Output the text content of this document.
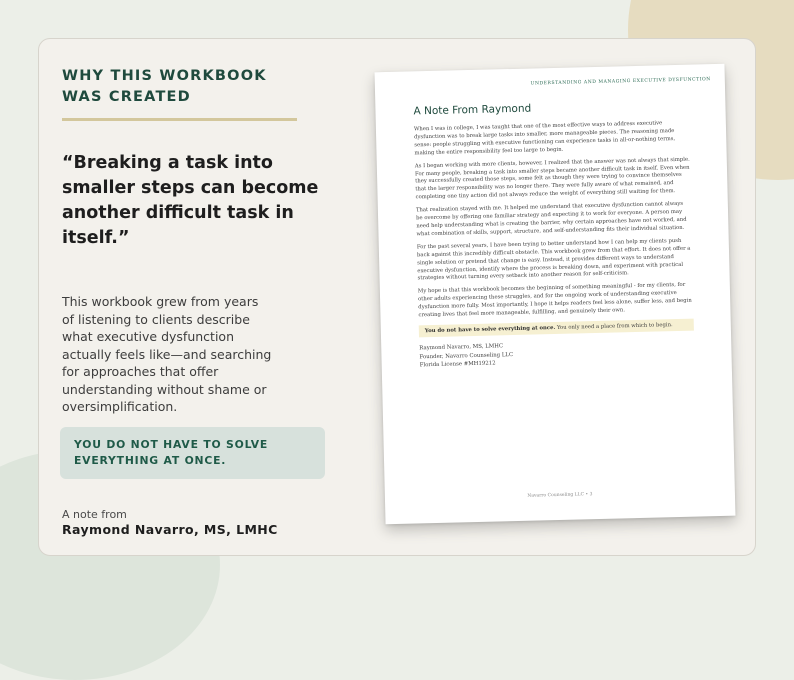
WHY THIS WORKBOOK
WAS CREATED

“Breaking a task into smaller steps can become another difficult task in itself.”

This workbook grew from years of listening to clients describe what executive dysfunction actually feels like—and searching for approaches that offer understanding without shame or oversimplification.

YOU DO NOT HAVE TO SOLVE EVERYTHING AT ONCE.
A note from
Raymond Navarro, MS, LMHC
UNDERSTANDING AND MANAGING EXECUTIVE DYSFUNCTION
A Note From Raymond

When I was in college, I was taught that one of the most effective ways to address executive dysfunction was to break large tasks into smaller, more manageable pieces. The reasoning made sense: people struggling with executive functioning can experience tasks in all-or-nothing terms, making the entire responsibility feel too large to begin.

As I began working with more clients, however, I realized that the answer was not always that simple. For many people, breaking a task into smaller steps became another difficult task in itself. Even when they successfully created those steps, some felt as though they were trying to convince themselves that the larger responsibility was no longer there. They were fully aware of what remained, and completing one tiny action did not always reduce the weight of everything still waiting for them.

That realization stayed with me. It helped me understand that executive dysfunction cannot always be overcome by offering one familiar strategy and expecting it to work for everyone. A person may need help understanding what is creating the barrier, why certain approaches have not worked, and what combination of skills, support, structure, and self-understanding fits their individual situation.

For the past several years, I have been trying to better understand how I can help my clients push back against this incredibly difficult obstacle. This workbook grew from that effort. It does not offer a single solution or pretend that change is easy. Instead, it provides different ways to understand executive dysfunction, identify where the process is breaking down, and experiment with practical strategies without turning every setback into another reason for self-criticism.

My hope is that this workbook becomes the beginning of something meaningful - for my clients, for other adults experiencing these struggles, and for the ongoing work of understanding executive dysfunction more fully. Most importantly, I hope it helps readers feel less alone, suffer less, and begin creating lives that feel more manageable, fulfilling, and genuinely their own.

You do not have to solve everything at once. You only need a place from which to begin.

Raymond Navarro, MS, LMHC

Founder, Navarro Counseling LLC

Florida License #MH19212

Navarro Counseling LLC • 3
